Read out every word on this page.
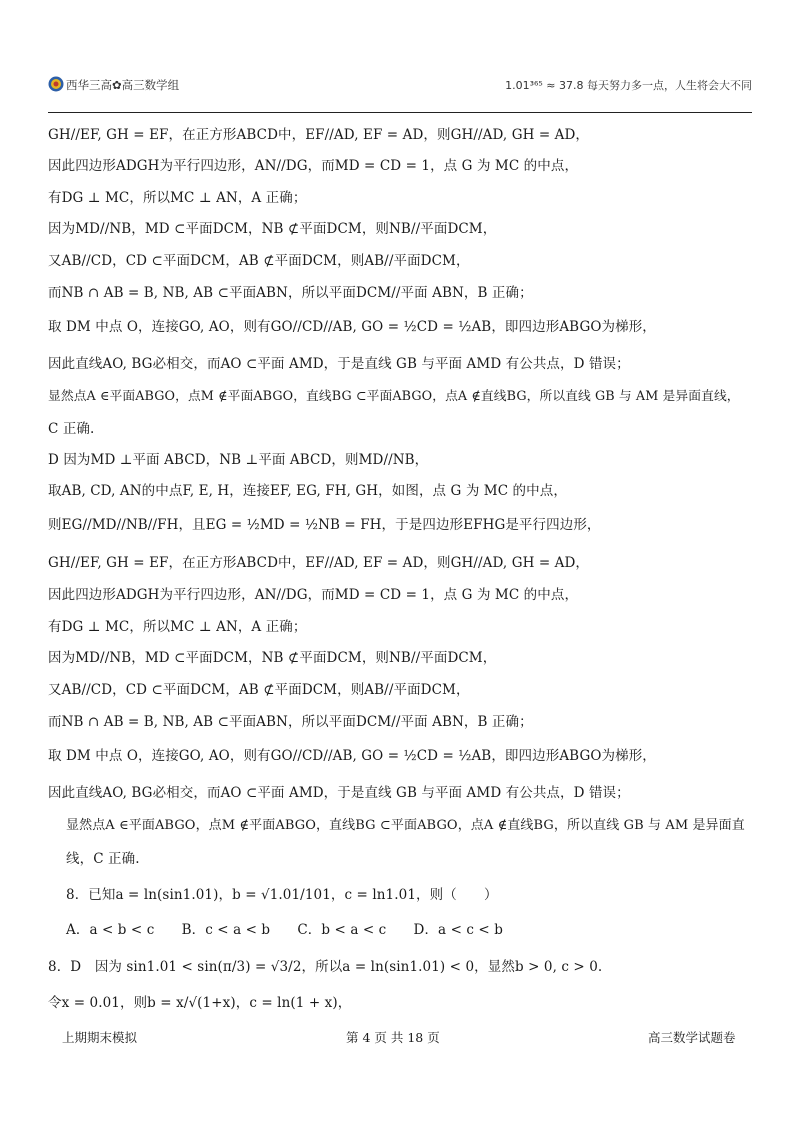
西华三高✿高三数学组	1.01³⁶⁵ ≈ 37.8 每天努力多一点，人生将会大不同
GH//EF, GH = EF，在正方形ABCD中，EF//AD, EF = AD，则GH//AD, GH = AD，
因此四边形ADGH为平行四边形，AN//DG，而MD = CD = 1，点 G 为 MC 的中点，
有DG ⊥ MC，所以MC ⊥ AN，A 正确；
因为MD//NB，MD ⊂平面DCM，NB ⊄平面DCM，则NB//平面DCM，
又AB//CD，CD ⊂平面DCM，AB ⊄平面DCM，则AB//平面DCM，
而NB ∩ AB = B, NB, AB ⊂平面ABN，所以平面DCM//平面 ABN，B 正确；
取 DM 中点 O，连接GO, AO，则有GO//CD//AB, GO = ½CD = ½AB，即四边形ABGO为梯形，
因此直线AO, BG必相交，而AO ⊂平面 AMD，于是直线 GB 与平面 AMD 有公共点，D 错误；
显然点A ∈平面ABGO，点M ∉平面ABGO，直线BG ⊂平面ABGO，点A ∉直线BG，所以直线 GB 与 AM 是异面直线，
C 正确.
D 因为MD ⊥平面 ABCD，NB ⊥平面 ABCD，则MD//NB，
取AB, CD, AN的中点F, E, H，连接EF, EG, FH, GH，如图，点 G 为 MC 的中点，
则EG//MD//NB//FH，且EG = ½MD = ½NB = FH，于是四边形EFHG是平行四边形，
GH//EF, GH = EF，在正方形ABCD中，EF//AD, EF = AD，则GH//AD, GH = AD，
因此四边形ADGH为平行四边形，AN//DG，而MD = CD = 1，点 G 为 MC 的中点，
有DG ⊥ MC，所以MC ⊥ AN，A 正确；
因为MD//NB，MD ⊂平面DCM，NB ⊄平面DCM，则NB//平面DCM，
又AB//CD，CD ⊂平面DCM，AB ⊄平面DCM，则AB//平面DCM，
而NB ∩ AB = B, NB, AB ⊂平面ABN，所以平面DCM//平面 ABN，B 正确；
取 DM 中点 O，连接GO, AO，则有GO//CD//AB, GO = ½CD = ½AB，即四边形ABGO为梯形，
因此直线AO, BG必相交，而AO ⊂平面 AMD，于是直线 GB 与平面 AMD 有公共点，D 错误；
显然点A ∈平面ABGO，点M ∉平面ABGO，直线BG ⊂平面ABGO，点A ∉直线BG，所以直线 GB 与 AM 是异面直
线，C 正确.
8．已知a = ln(sin1.01)，b = √1.01/101，c = ln1.01，则（　　）
A．a < b < c　　B．c < a < b　　C．b < a < c　　D．a < c < b
8．D　因为 sin1.01 < sin(π/3) = √3/2，所以a = ln(sin1.01) < 0，显然b > 0, c > 0.
令x = 0.01，则b = x/√(1+x)，c = ln(1 + x)，
上期期末模拟	第 4 页 共 18 页	高三数学试题卷
